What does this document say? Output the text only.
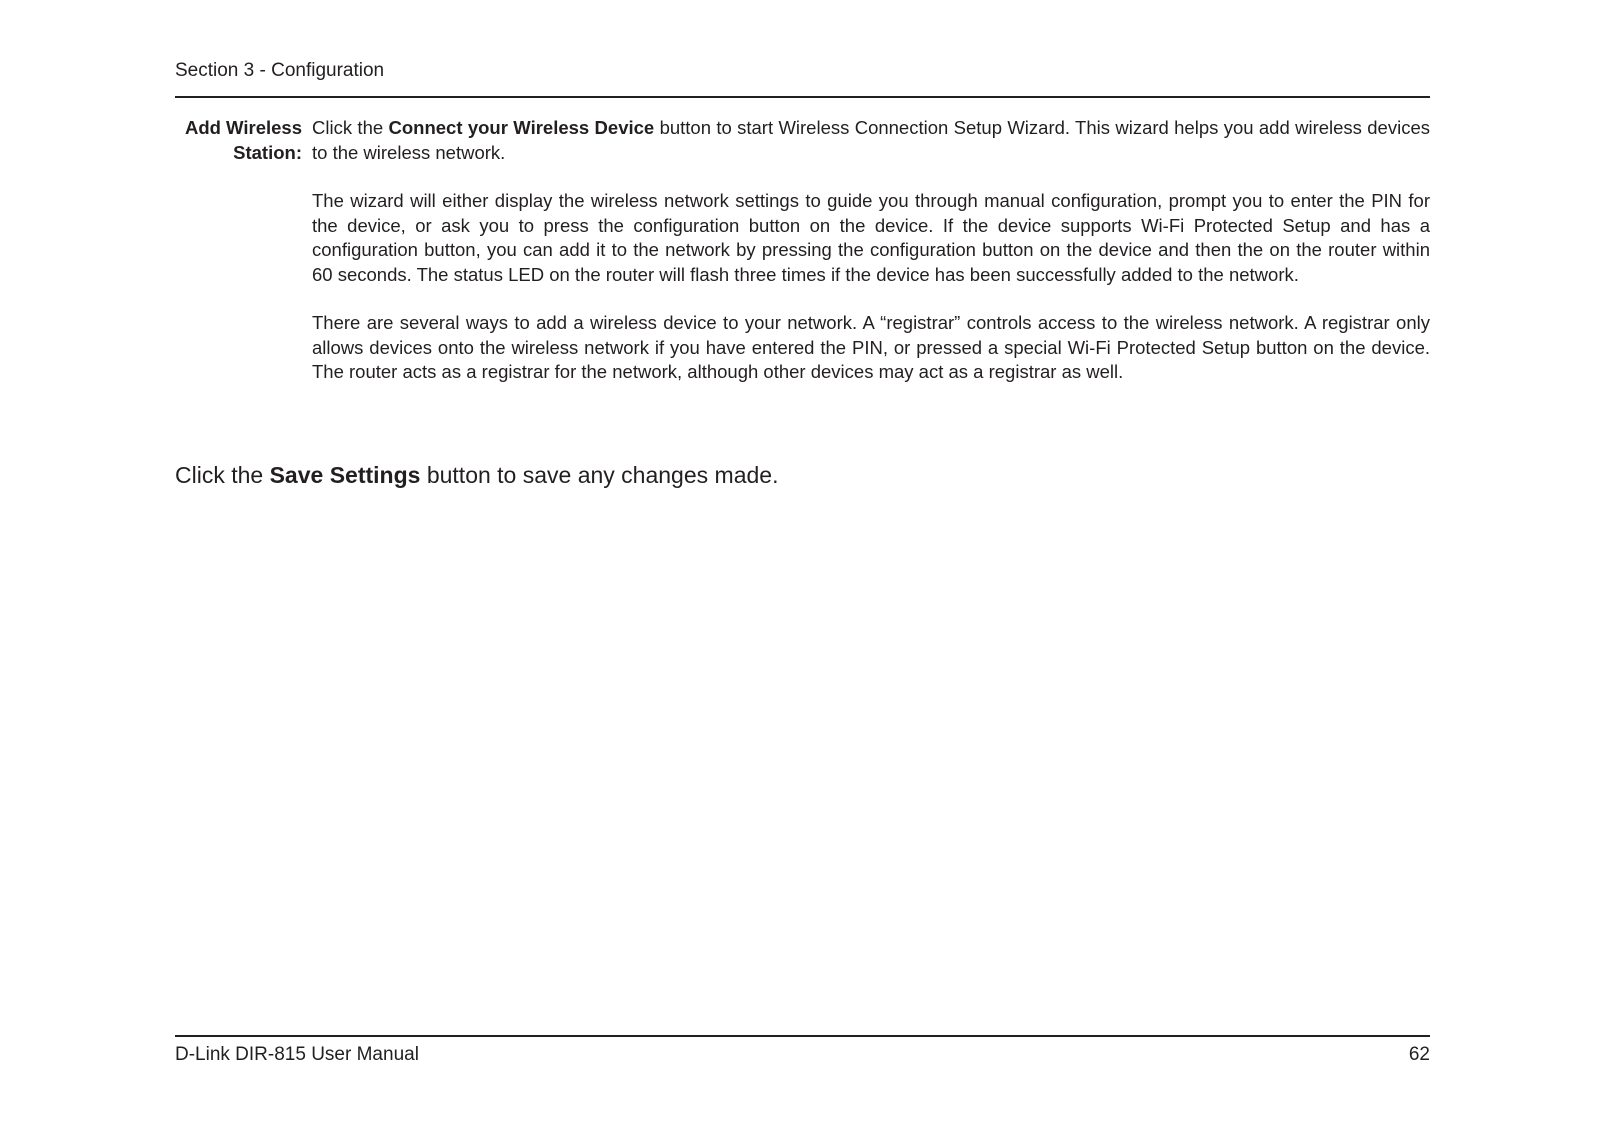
Section 3 - Configuration
Add Wireless
Station:

Click the Connect your Wireless Device button to start Wireless Connection Setup Wizard. This wizard helps you add wireless devices to the wireless network.

The wizard will either display the wireless network settings to guide you through manual configuration, prompt you to enter the PIN for the device, or ask you to press the configuration button on the device. If the device supports Wi-Fi Protected Setup and has a configuration button, you can add it to the network by pressing the configuration button on the device and then the on the router within 60 seconds. The status LED on the router will flash three times if the device has been successfully added to the network.

There are several ways to add a wireless device to your network. A “registrar” controls access to the wireless network. A registrar only allows devices onto the wireless network if you have entered the PIN, or pressed a special Wi-Fi Protected Setup button on the device. The router acts as a registrar for the network, although other devices may act as a registrar as well.

Click the Save Settings button to save any changes made.
D-Link DIR-815 User Manual	62
